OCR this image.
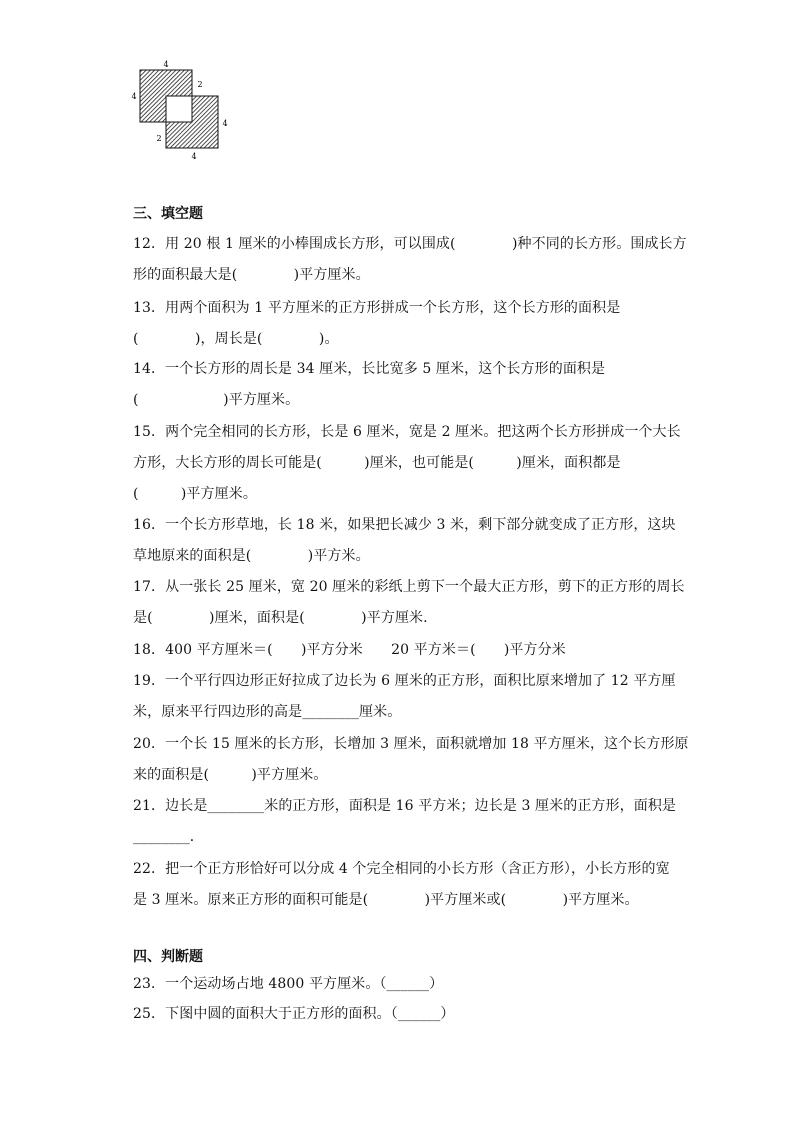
4
4
2
4
2
4
三、填空题
12．用 20 根 1 厘米的小棒围成长方形，可以围成(　　　　)种不同的长方形。围成长方
形的面积最大是(　　　　)平方厘米。
13．用两个面积为 1 平方厘米的正方形拼成一个长方形，这个长方形的面积是
(　　　　)，周长是(　　　　)。
14．一个长方形的周长是 34 厘米，长比宽多 5 厘米，这个长方形的面积是
(　　　　　　)平方厘米。
15．两个完全相同的长方形，长是 6 厘米，宽是 2 厘米。把这两个长方形拼成一个大长
方形，大长方形的周长可能是(　　　)厘米，也可能是(　　　)厘米，面积都是
(　　　)平方厘米。
16．一个长方形草地，长 18 米，如果把长减少 3 米，剩下部分就变成了正方形，这块
草地原来的面积是(　　　　)平方米。
17．从一张长 25 厘米，宽 20 厘米的彩纸上剪下一个最大正方形，剪下的正方形的周长
是(　　　　)厘米，面积是(　　　　)平方厘米.
18．400 平方厘米＝(　　)平方分米　　20 平方米＝(　　)平方分米
19．一个平行四边形正好拉成了边长为 6 厘米的正方形，面积比原来增加了 12 平方厘
米，原来平行四边形的高是________厘米。
20．一个长 15 厘米的长方形，长增加 3 厘米，面积就增加 18 平方厘米，这个长方形原
来的面积是(　　　)平方厘米。
21．边长是________米的正方形，面积是 16 平方米；边长是 3 厘米的正方形，面积是
________．
22．把一个正方形恰好可以分成 4 个完全相同的小长方形（含正方形），小长方形的宽
是 3 厘米。原来正方形的面积可能是(　　　　)平方厘米或(　　　　)平方厘米。
四、判断题
23．一个运动场占地 4800 平方厘米。（______）
25．下图中圆的面积大于正方形的面积。（______）
